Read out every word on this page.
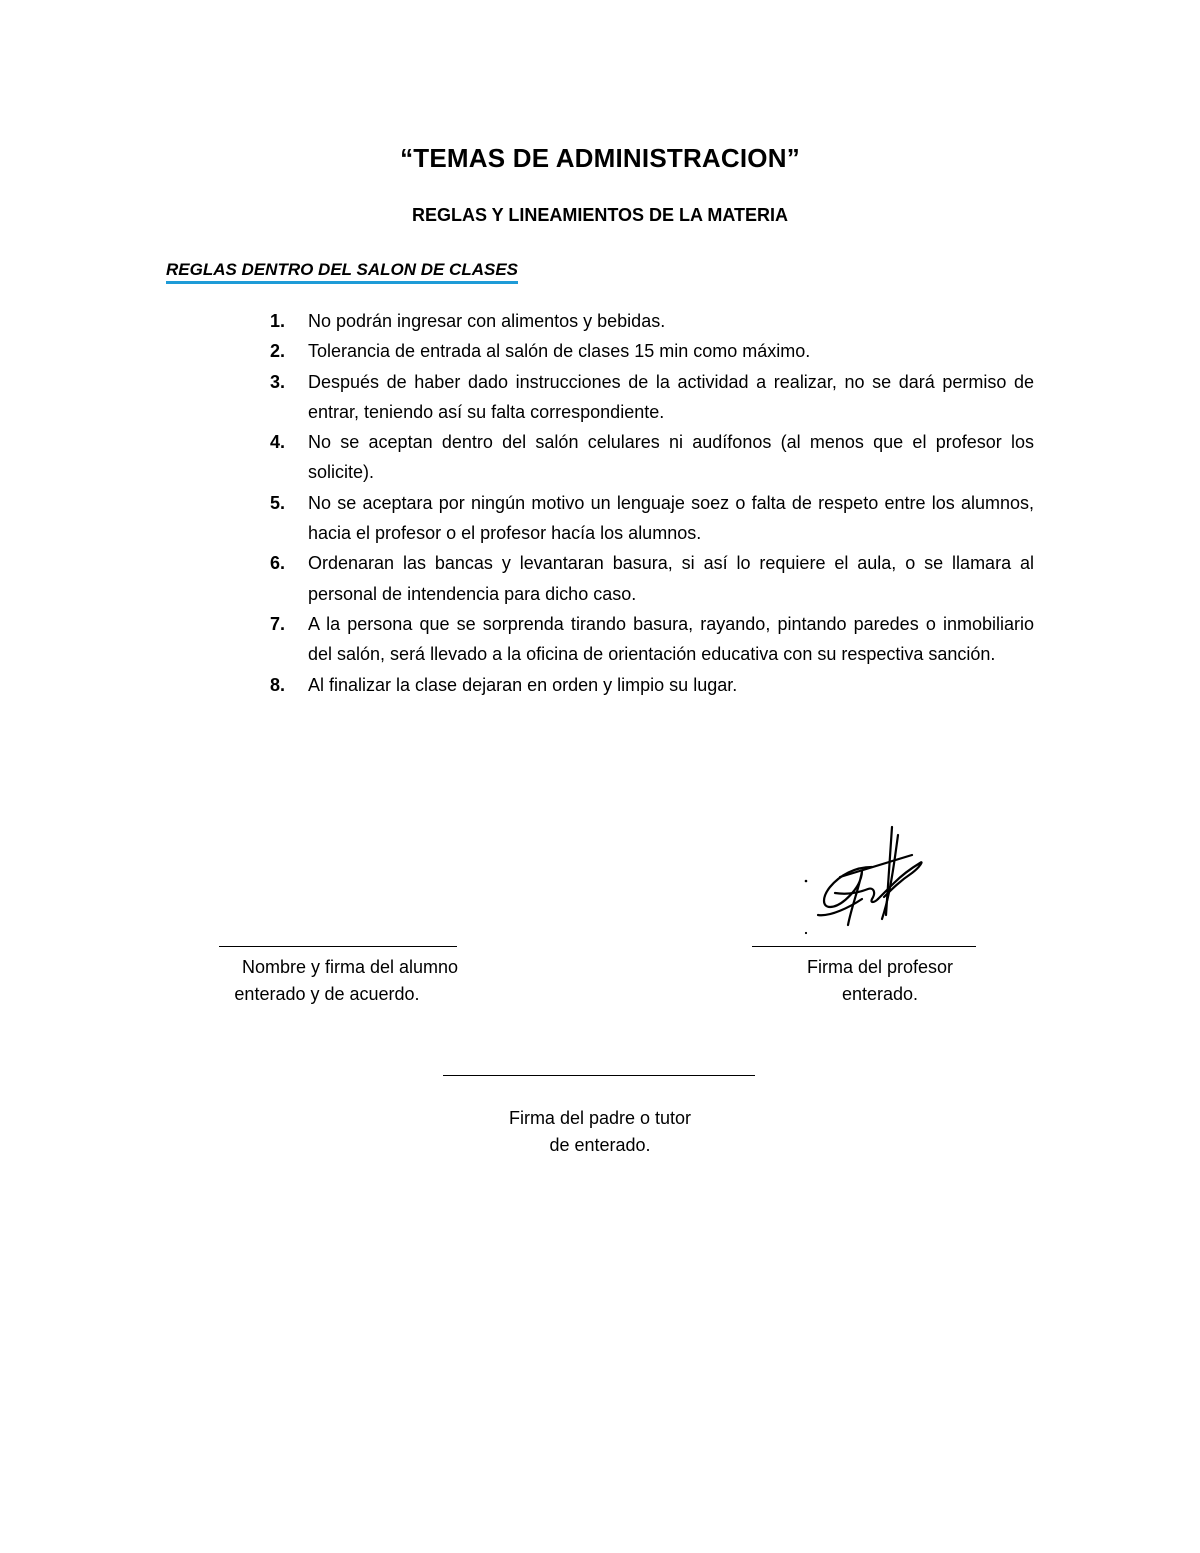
“TEMAS DE ADMINISTRACION”
REGLAS Y LINEAMIENTOS DE LA MATERIA
REGLAS DENTRO DEL SALON DE CLASES
1.	No podrán ingresar con alimentos y bebidas.
2.	Tolerancia de entrada al salón de clases 15 min como máximo.
3.	Después de haber dado instrucciones de la actividad a realizar, no se dará permiso de entrar, teniendo así su falta correspondiente.
4.	No se aceptan dentro del salón celulares ni audífonos (al menos que el profesor los solicite).
5.	No se aceptara por ningún motivo un lenguaje soez o falta de respeto entre los alumnos, hacia el profesor o el profesor hacía los alumnos.
6.	Ordenaran las bancas y levantaran basura, si así lo requiere el aula, o se llamara al personal de intendencia para dicho caso.
7.	A la persona que se sorprenda tirando basura, rayando, pintando paredes o inmobiliario del salón, será llevado a la oficina de orientación educativa con su respectiva sanción.
8.	Al finalizar la clase dejaran en orden y limpio su lugar.
Nombre y firma del alumno
enterado y de acuerdo.
Firma del profesor
enterado.
Firma del padre o tutor
de enterado.
